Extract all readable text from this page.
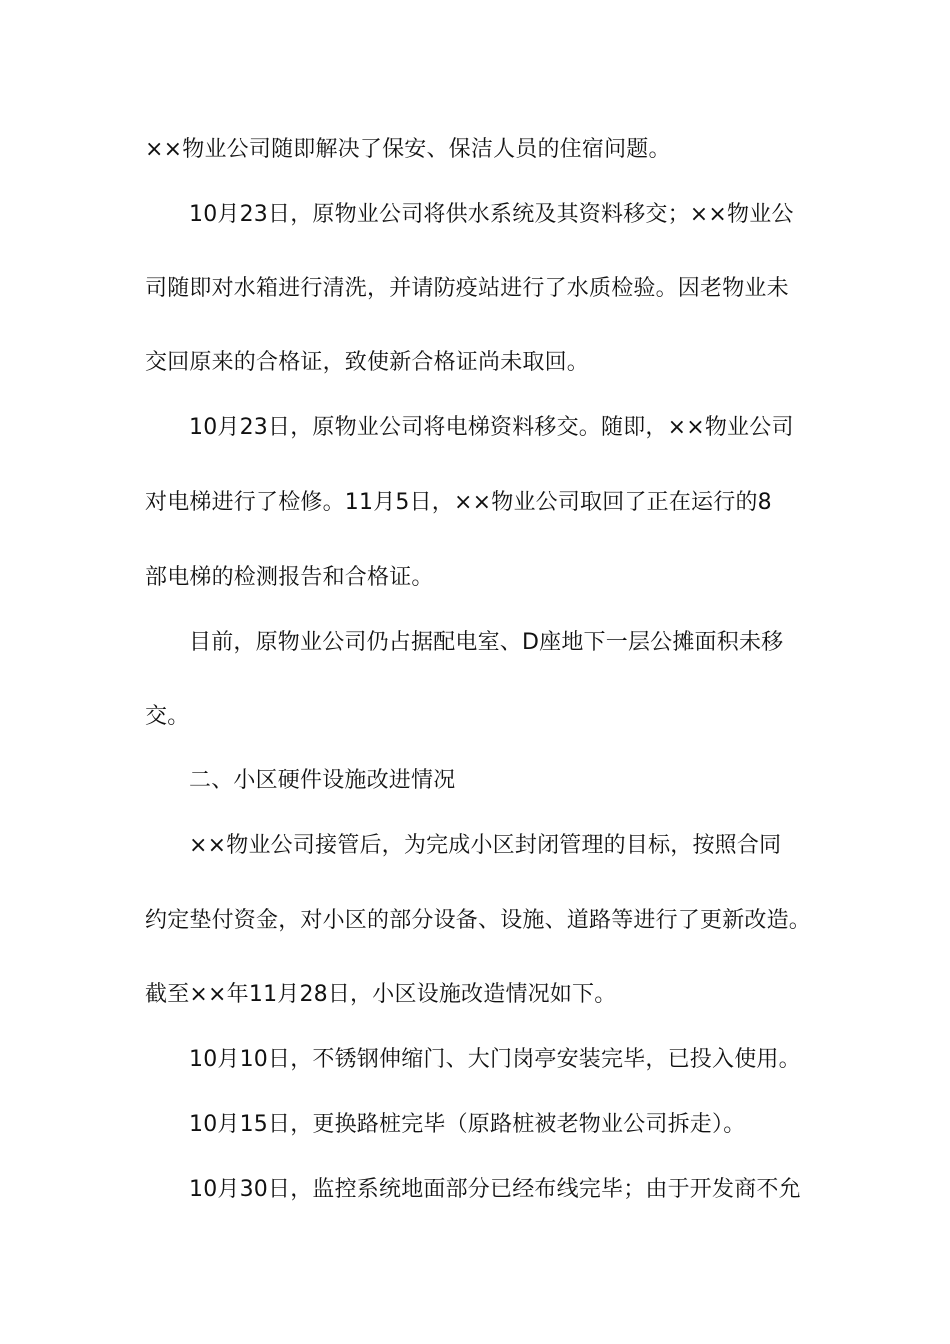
××物业公司随即解决了保安、保洁人员的住宿问题。
10月23日，原物业公司将供水系统及其资料移交；××物业公
司随即对水箱进行清洗，并请防疫站进行了水质检验。因老物业未
交回原来的合格证，致使新合格证尚未取回。
10月23日，原物业公司将电梯资料移交。随即，××物业公司
对电梯进行了检修。11月5日，××物业公司取回了正在运行的8
部电梯的检测报告和合格证。
目前，原物业公司仍占据配电室、D座地下一层公摊面积未移
交。
二、小区硬件设施改进情况
××物业公司接管后，为完成小区封闭管理的目标，按照合同
约定垫付资金，对小区的部分设备、设施、道路等进行了更新改造。
截至××年11月28日，小区设施改造情况如下。
10月10日，不锈钢伸缩门、大门岗亭安装完毕，已投入使用。
10月15日，更换路桩完毕（原路桩被老物业公司拆走）。
10月30日，监控系统地面部分已经布线完毕；由于开发商不允
